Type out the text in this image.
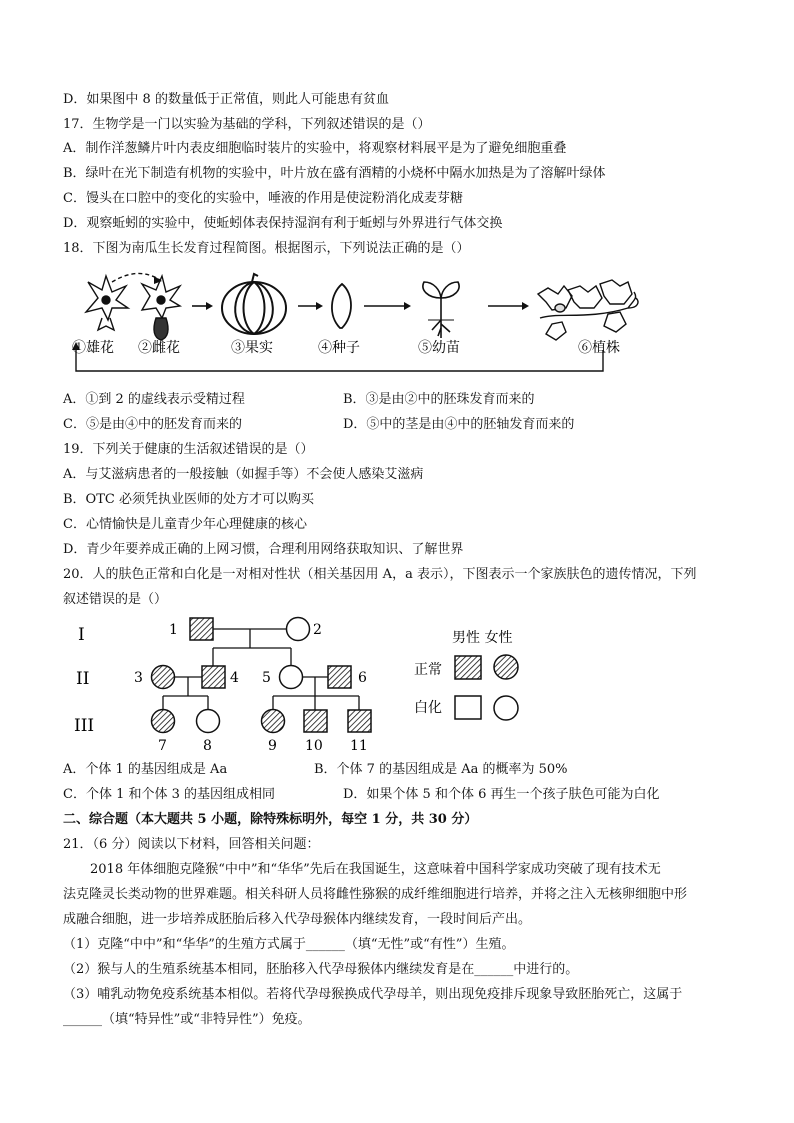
D．如果图中 8 的数量低于正常值，则此人可能患有贫血
17．生物学是一门以实验为基础的学科，下列叙述错误的是（）
A．制作洋葱鳞片叶内表皮细胞临时装片的实验中，将观察材料展平是为了避免细胞重叠
B．绿叶在光下制造有机物的实验中，叶片放在盛有酒精的小烧杯中隔水加热是为了溶解叶绿体
C．馒头在口腔中的变化的实验中，唾液的作用是使淀粉消化成麦芽糖
D．观察蚯蚓的实验中，使蚯蚓体表保持湿润有利于蚯蚓与外界进行气体交换
18．下图为南瓜生长发育过程简图。根据图示，下列说法正确的是（）
①雄花 ②雌花	③果实	④种子	⑤幼苗	⑥植株
A．①到 2 的虚线表示受精过程	B．③是由②中的胚珠发育而来的
C．⑤是由④中的胚发育而来的	D．⑤中的茎是由④中的胚轴发育而来的
19．下列关于健康的生活叙述错误的是（）
A．与艾滋病患者的一般接触（如握手等）不会使人感染艾滋病
B．OTC 必须凭执业医师的处方才可以购买
C．心情愉快是儿童青少年心理健康的核心
D．青少年要养成正确的上网习惯，合理利用网络获取知识、了解世界
20．人的肤色正常和白化是一对相对性状（相关基因用 A，a 表示），下图表示一个家族肤色的遗传情况，下列
叙述错误的是（）
I
II
III
1	2
3	4 5	6
7	8	9 10 11
男性 女性
正常
白化
A．个体 1 的基因组成是 Aa	B．个体 7 的基因组成是 Aa 的概率为 50%
C．个体 1 和个体 3 的基因组成相同	D．如果个体 5 和个体 6 再生一个孩子肤色可能为白化
二、综合题（本大题共 5 小题，除特殊标明外，每空 1 分，共 30 分）
21．（6 分）阅读以下材料，回答相关问题：
2018 年体细胞克隆猴“中中”和“华华”先后在我国诞生，这意味着中国科学家成功突破了现有技术无
法克隆灵长类动物的世界难题。相关科研人员将雌性猕猴的成纤维细胞进行培养，并将之注入无核卵细胞中形
成融合细胞，进一步培养成胚胎后移入代孕母猴体内继续发育，一段时间后产出。
（1）克隆“中中”和“华华”的生殖方式属于______（填“无性”或“有性”）生殖。
（2）猴与人的生殖系统基本相同，胚胎移入代孕母猴体内继续发育是在______中进行的。
（3）哺乳动物免疫系统基本相似。若将代孕母猴换成代孕母羊，则出现免疫排斥现象导致胚胎死亡，这属于
______（填“特异性”或“非特异性”）免疫。
